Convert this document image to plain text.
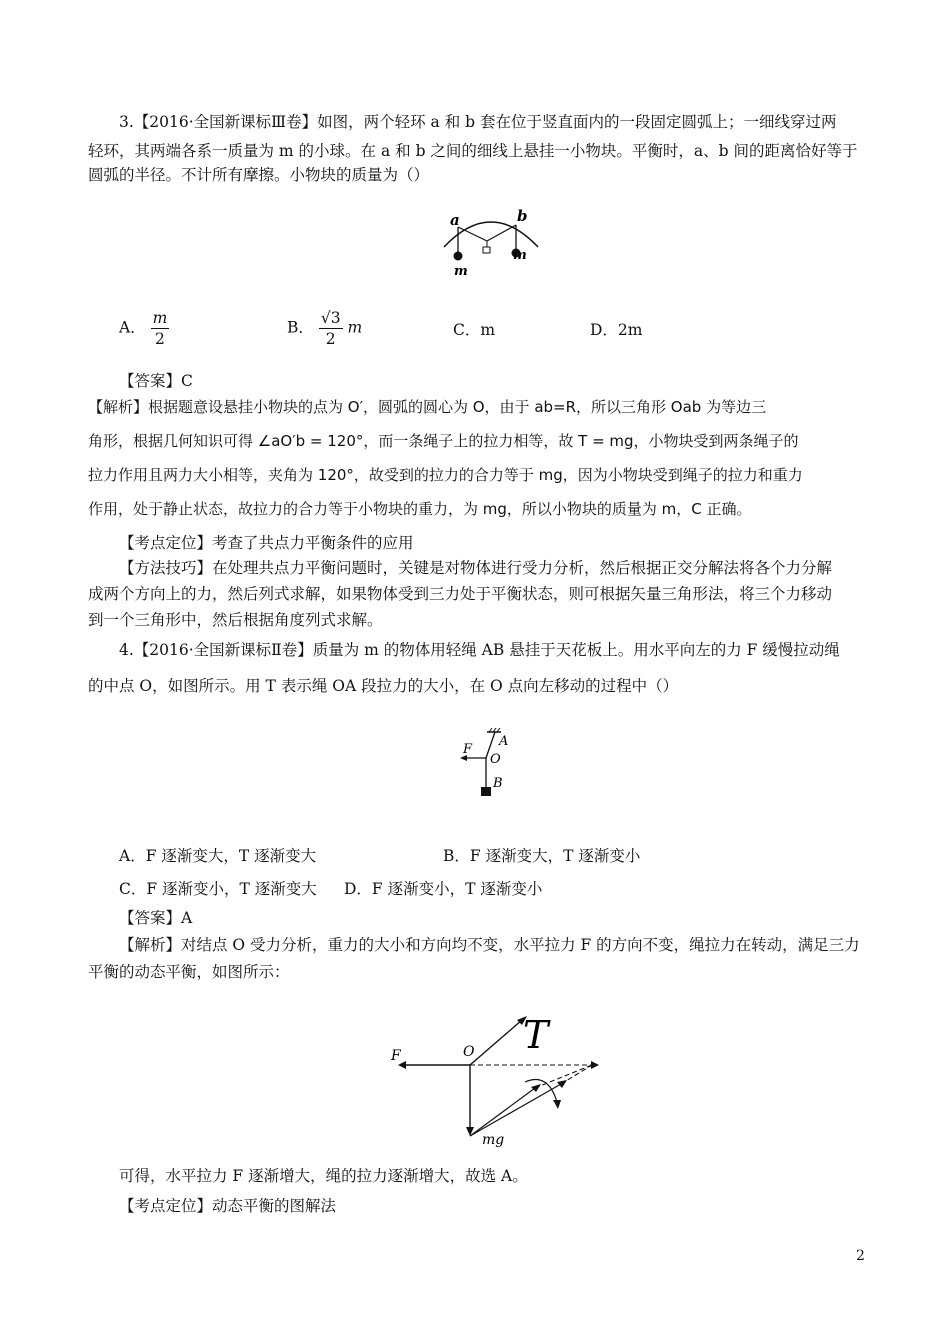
3.【2016·全国新课标Ⅲ卷】如图，两个轻环 a 和 b 套在位于竖直面内的一段固定圆弧上；一细线穿过两
轻环，其两端各系一质量为 m 的小球。在 a 和 b 之间的细线上悬挂一小物块。平衡时，a、b 间的距离恰好等于
圆弧的半径。不计所有摩擦。小物块的质量为（）
a	b
m
m
A． $\frac{m}{2}$	B． $\frac{√3}{2}$ m	C．m	D．2m
【答案】C
【解析】根据题意设悬挂小物块的点为 O′，圆弧的圆心为 O，由于 ab=R，所以三角形 Oab 为等边三
角形，根据几何知识可得 ∠aO′b = 120°，而一条绳子上的拉力相等，故 T = mg，小物块受到两条绳子的
拉力作用且两力大小相等，夹角为 120°，故受到的拉力的合力等于 mg，因为小物块受到绳子的拉力和重力
作用，处于静止状态，故拉力的合力等于小物块的重力，为 mg，所以小物块的质量为 m，C 正确。
【考点定位】考查了共点力平衡条件的应用
【方法技巧】在处理共点力平衡问题时，关键是对物体进行受力分析，然后根据正交分解法将各个力分解
成两个方向上的力，然后列式求解，如果物体受到三力处于平衡状态，则可根据矢量三角形法，将三个力移动
到一个三角形中，然后根据角度列式求解。
4.【2016·全国新课标Ⅱ卷】质量为 m 的物体用轻绳 AB 悬挂于天花板上。用水平向左的力 F 缓慢拉动绳
的中点 O，如图所示。用 T 表示绳 OA 段拉力的大小，在 O 点向左移动的过程中（）
A
F
O
B
A．F 逐渐变大，T 逐渐变大	B．F 逐渐变大，T 逐渐变小
C．F 逐渐变小，T 逐渐变大	D．F 逐渐变小，T 逐渐变小
【答案】A
【解析】对结点 O 受力分析，重力的大小和方向均不变，水平拉力 F 的方向不变，绳拉力在转动，满足三力
平衡的动态平衡，如图所示：
T
F	O
mg
可得，水平拉力 F 逐渐增大，绳的拉力逐渐增大，故选 A。
【考点定位】动态平衡的图解法
2
